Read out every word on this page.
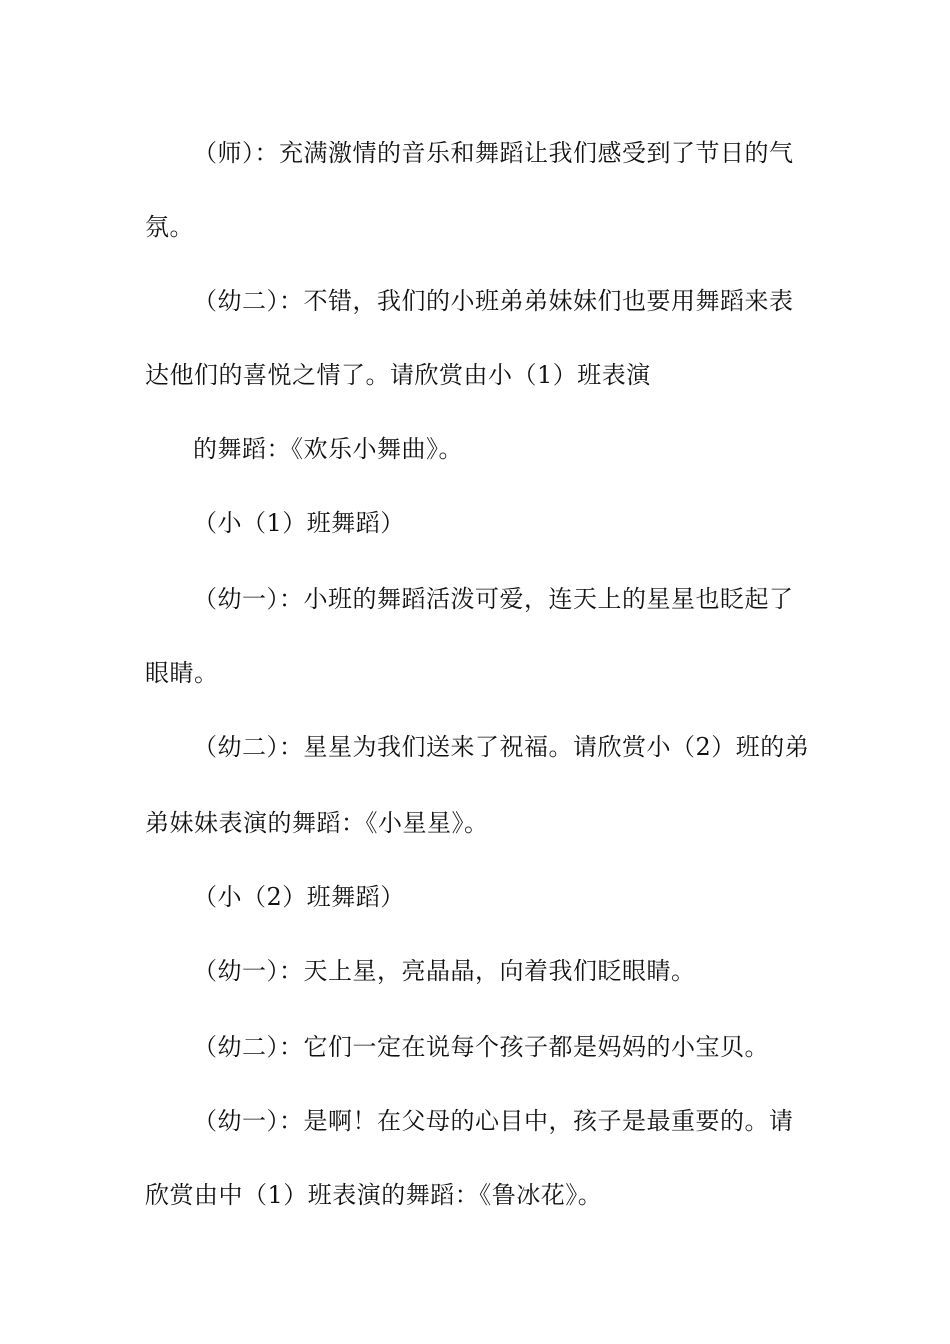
（师）：充满激情的音乐和舞蹈让我们感受到了节日的气
氛。
（幼二）：不错，我们的小班弟弟妹妹们也要用舞蹈来表
达他们的喜悦之情了。请欣赏由小（1）班表演
的舞蹈：《欢乐小舞曲》。
（小（1）班舞蹈）
（幼一）：小班的舞蹈活泼可爱，连天上的星星也眨起了
眼睛。
（幼二）：星星为我们送来了祝福。请欣赏小（2）班的弟
弟妹妹表演的舞蹈：《小星星》。
（小（2）班舞蹈）
（幼一）：天上星，亮晶晶，向着我们眨眼睛。
（幼二）：它们一定在说每个孩子都是妈妈的小宝贝。
（幼一）：是啊！在父母的心目中，孩子是最重要的。请
欣赏由中（1）班表演的舞蹈：《鲁冰花》。
